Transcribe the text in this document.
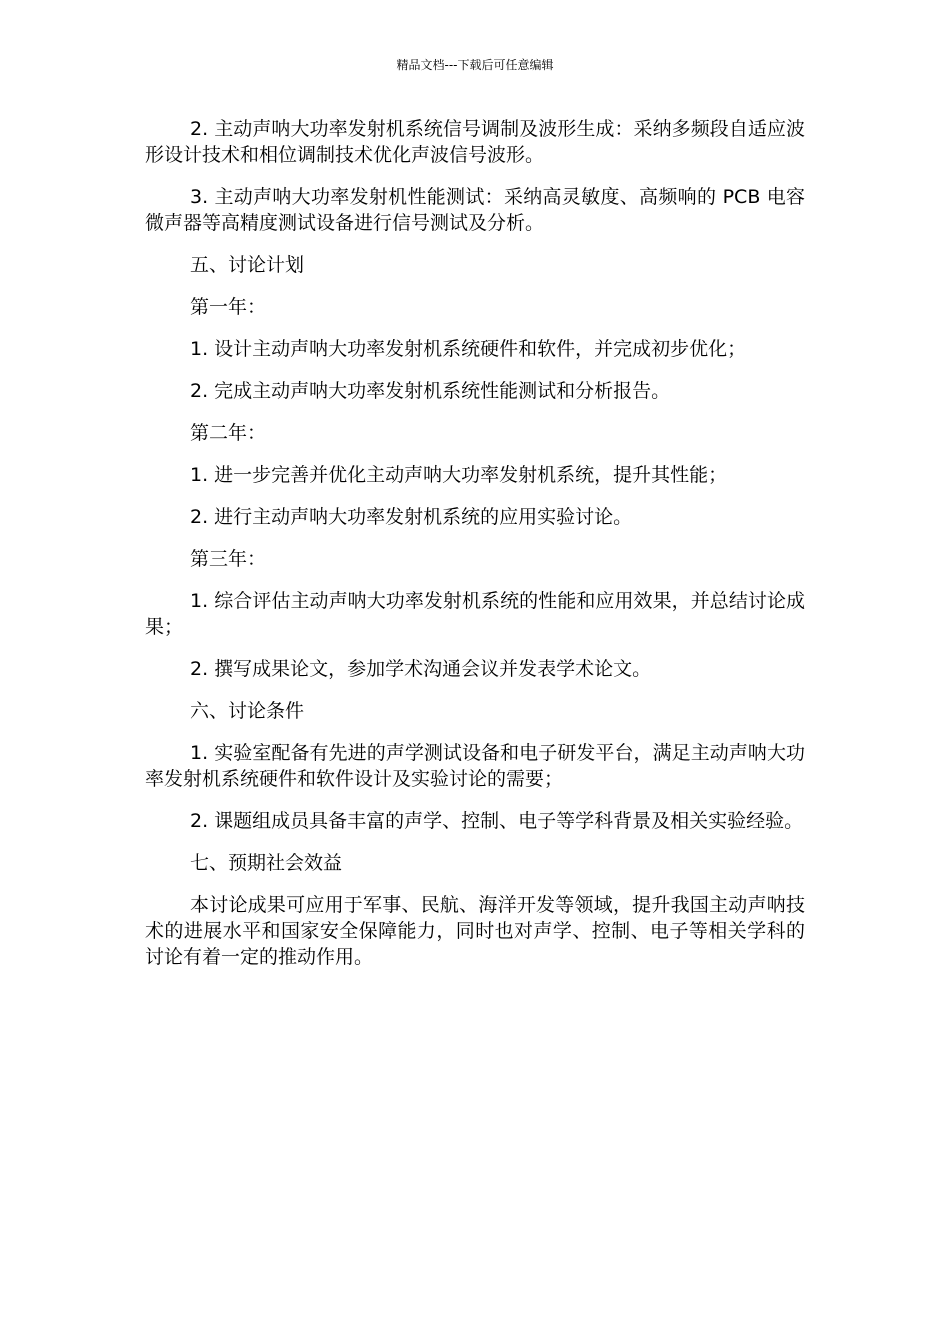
精品文档---下载后可任意编辑

2. 主动声呐大功率发射机系统信号调制及波形生成：采纳多频段自适应波形设计技术和相位调制技术优化声波信号波形。

3. 主动声呐大功率发射机性能测试：采纳高灵敏度、高频响的 PCB 电容微声器等高精度测试设备进行信号测试及分析。

五、讨论计划

第一年：

1. 设计主动声呐大功率发射机系统硬件和软件，并完成初步优化；

2. 完成主动声呐大功率发射机系统性能测试和分析报告。

第二年：

1. 进一步完善并优化主动声呐大功率发射机系统，提升其性能；

2. 进行主动声呐大功率发射机系统的应用实验讨论。

第三年：

1. 综合评估主动声呐大功率发射机系统的性能和应用效果，并总结讨论成果；

2. 撰写成果论文，参加学术沟通会议并发表学术论文。

六、讨论条件

1. 实验室配备有先进的声学测试设备和电子研发平台，满足主动声呐大功率发射机系统硬件和软件设计及实验讨论的需要；

2. 课题组成员具备丰富的声学、控制、电子等学科背景及相关实验经验。

七、预期社会效益

本讨论成果可应用于军事、民航、海洋开发等领域，提升我国主动声呐技术的进展水平和国家安全保障能力，同时也对声学、控制、电子等相关学科的讨论有着一定的推动作用。
